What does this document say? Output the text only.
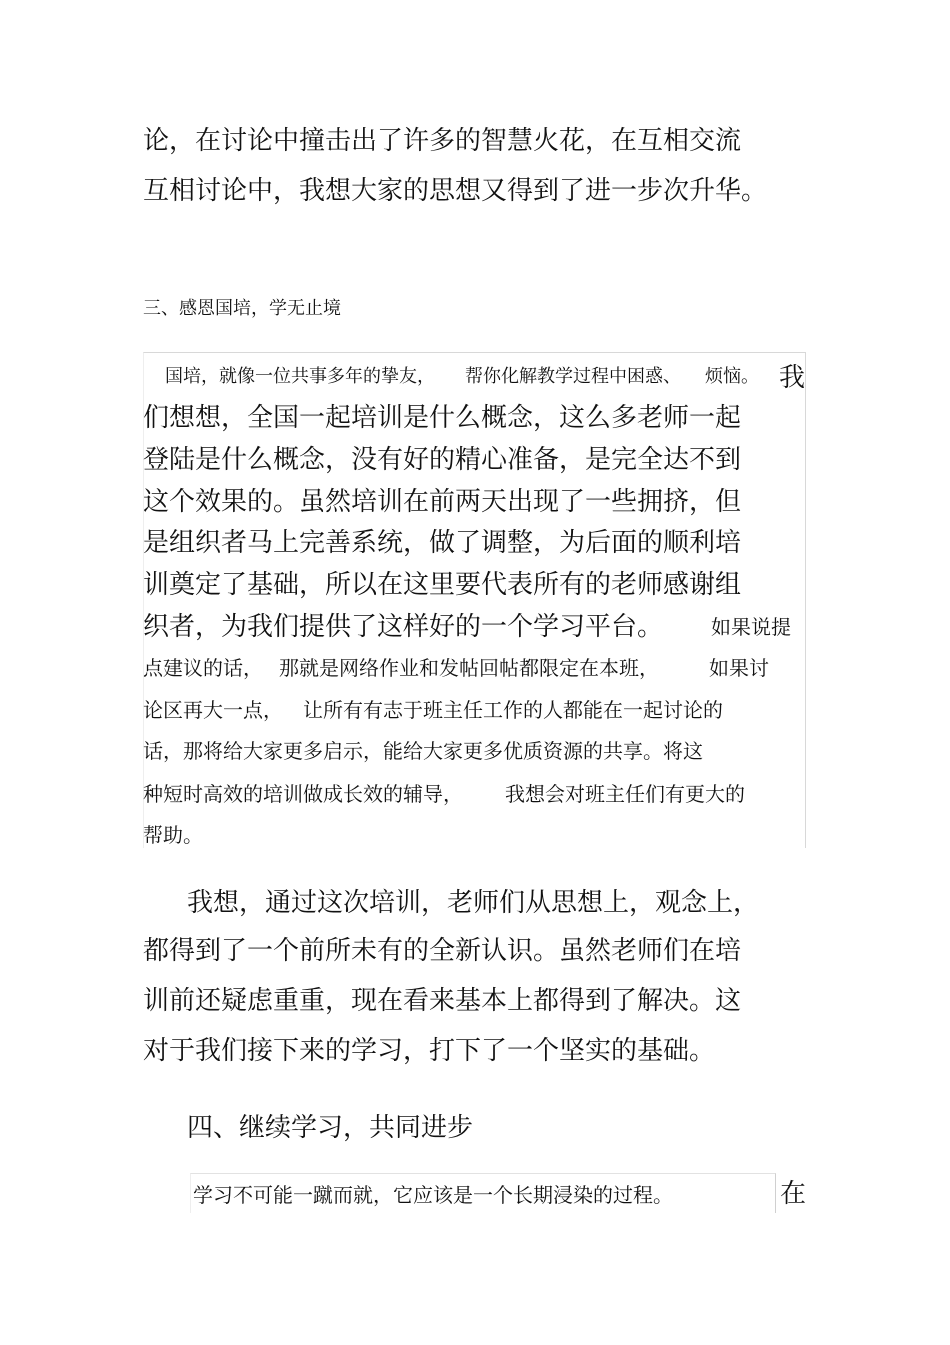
论，在讨论中撞击出了许多的智慧火花，在互相交流

互相讨论中，我想大家的思想又得到了进一步次升华。

三、感恩国培，学无止境

国培，就像一位共事多年的挚友， 帮你化解教学过程中困惑、 烦恼。 我

们想想，全国一起培训是什么概念，这么多老师一起

登陆是什么概念，没有好的精心准备，是完全达不到

这个效果的。虽然培训在前两天出现了一些拥挤，但

是组织者马上完善系统，做了调整，为后面的顺利培

训奠定了基础，所以在这里要代表所有的老师感谢组

织者，为我们提供了这样好的一个学习平台。 如果说提

点建议的话， 那就是网络作业和发帖回帖都限定在本班，	如果讨

论区再大一点， 让所有有志于班主任工作的人都能在一起讨论的

话，那将给大家更多启示，能给大家更多优质资源的共享。将这

种短时高效的培训做成长效的辅导， 我想会对班主任们有更大的

帮助。

我想，通过这次培训，老师们从思想上，观念上，

都得到了一个前所未有的全新认识。虽然老师们在培

训前还疑虑重重，现在看来基本上都得到了解决。这

对于我们接下来的学习，打下了一个坚实的基础。

四、继续学习，共同进步

学习不可能一蹴而就，它应该是一个长期浸染的过程。	在
